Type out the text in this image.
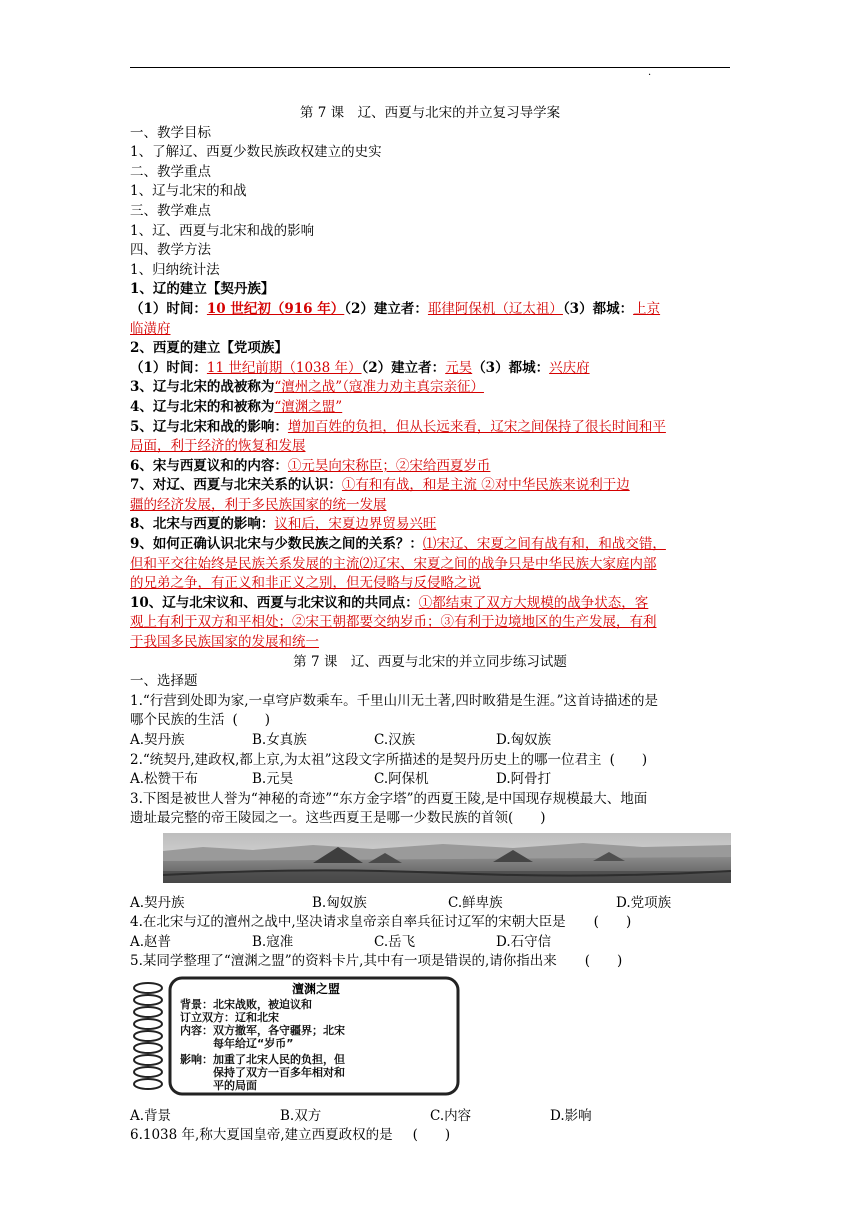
·

第 7 课　辽、西夏与北宋的并立复习导学案

一、教学目标

1、了解辽、西夏少数民族政权建立的史实

二、教学重点

1、辽与北宋的和战

三、教学难点

1、辽、西夏与北宋和战的影响

四、教学方法

1、归纳统计法

1、辽的建立【契丹族】

（1）时间：10 世纪初（916 年）（2）建立者：耶律阿保机（辽太祖）（3）都城：上京

临潢府

2、西夏的建立【党项族】

（1）时间：11 世纪前期（1038 年）（2）建立者：元昊（3）都城：兴庆府

3、辽与北宋的战被称为“澶州之战”（寇准力劝主真宗亲征）

4、辽与北宋的和被称为“澶渊之盟”

5、辽与北宋和战的影响：增加百姓的负担，但从长远来看，辽宋之间保持了很长时间和平

局面，利于经济的恢复和发展

6、宋与西夏议和的内容：①元昊向宋称臣；②宋给西夏岁币

7、对辽、西夏与北宋关系的认识：①有和有战，和是主流 ②对中华民族来说利于边

疆的经济发展，利于多民族国家的统一发展

8、北宋与西夏的影响：议和后，宋夏边界贸易兴旺

9、如何正确认识北宋与少数民族之间的关系？：⑴宋辽、宋夏之间有战有和，和战交错，

但和平交往始终是民族关系发展的主流⑵辽宋、宋夏之间的战争只是中华民族大家庭内部

的兄弟之争，有正义和非正义之别，但无侵略与反侵略之说

10、辽与北宋议和、西夏与北宋议和的共同点：①都结束了双方大规模的战争状态，客

观上有利于双方和平相处；②宋王朝都要交纳岁币；③有利于边境地区的生产发展，有利

于我国多民族国家的发展和统一

第 7 课　辽、西夏与北宋的并立同步练习试题

一、选择题

1.“行营到处即为家,一卓穹庐数乘车。千里山川无土著,四时畋猎是生涯。”这首诗描述的是

哪个民族的生活 (　　)

A.契丹族	B.女真族	C.汉族	D.匈奴族

2.“统契丹,建政权,都上京,为太祖”这段文字所描述的是契丹历史上的哪一位君主 (　　)

A.松赞干布	B.元昊	C.阿保机	D.阿骨打

3.下图是被世人誉为“神秘的奇迹”“东方金字塔”的西夏王陵,是中国现存规模最大、地面

遗址最完整的帝王陵园之一。这些西夏王是哪一少数民族的首领(　　)

A.契丹族	B.匈奴族	C.鲜卑族	D.党项族

4.在北宋与辽的澶州之战中,坚决请求皇帝亲自率兵征讨辽军的宋朝大臣是 (　　)

A.赵普	B.寇准	C.岳飞	D.石守信

5.某同学整理了“澶渊之盟”的资料卡片,其中有一项是错误的,请你指出来 (　　)

澶渊之盟
背景：北宋战败，被迫议和
订立双方：辽和北宋
内容：双方撤军，各守疆界；北宋
　　　每年给辽“岁币”
影响：加重了北宋人民的负担，但
　　　保持了双方一百多年相对和
　　　平的局面

A.背景	B.双方	C.内容	D.影响

6.1038 年,称大夏国皇帝,建立西夏政权的是 (　　)
